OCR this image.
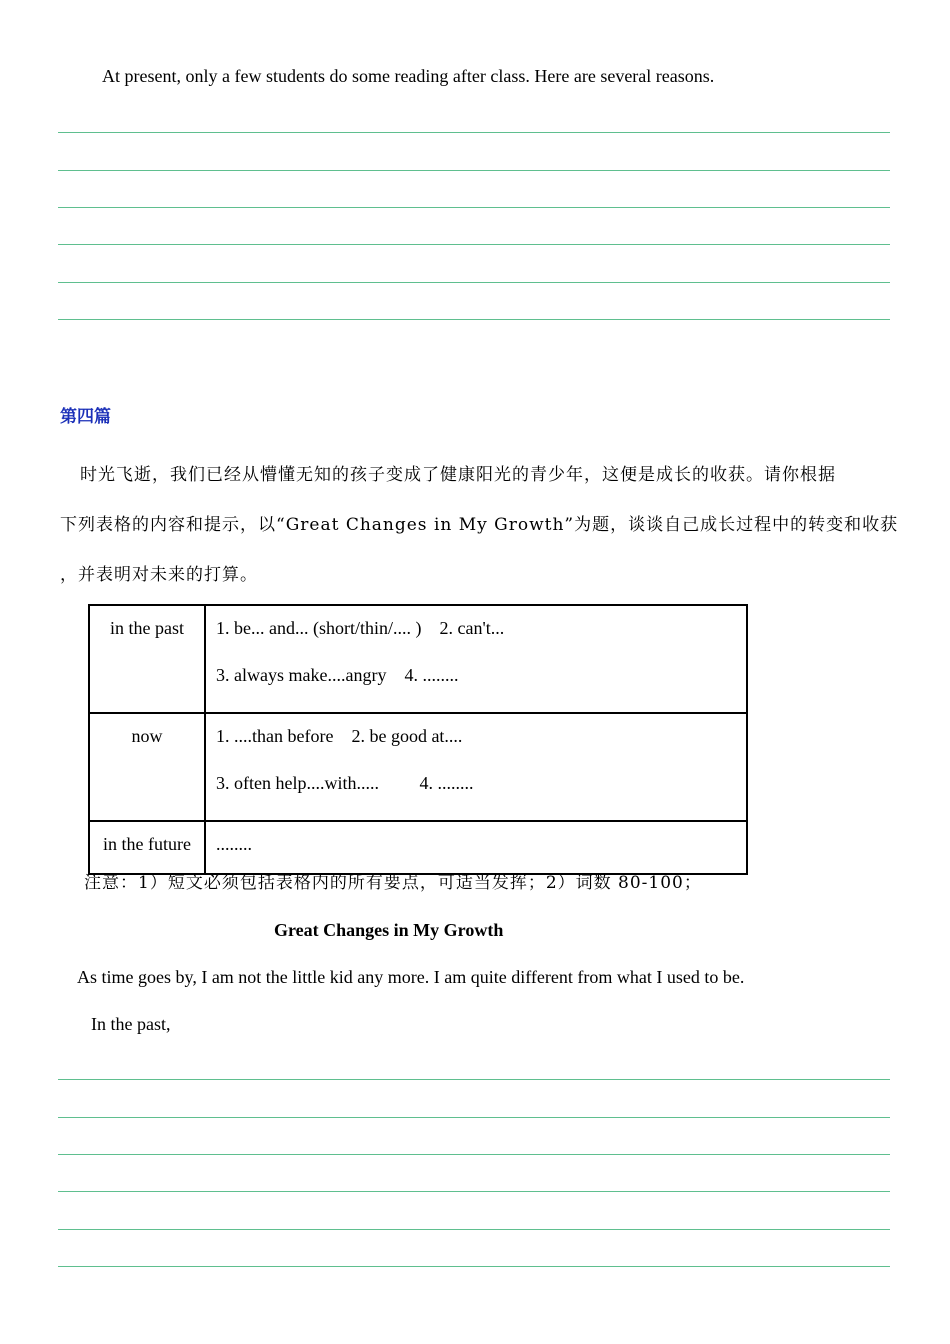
At present, only a few students do some reading after class. Here are several reasons.
第四篇
时光飞逝，我们已经从懵懂无知的孩子变成了健康阳光的青少年，这便是成长的收获。请你根据
下列表格的内容和提示，以“Great Changes in My Growth”为题，谈谈自己成长过程中的转变和收获
，并表明对未来的打算。
in the past	1. be... and... (short/thin/.... )    2. can't...
3. always make....angry    4. ........

now	1. ....than before    2. be good at....
3. often help....with.....         4. ........

in the future	........
注意：1）短文必须包括表格内的所有要点，可适当发挥；2）词数 80-100；
Great Changes in My Growth
As time goes by, I am not the little kid any more. I am quite different from what I used to be.
In the past,
